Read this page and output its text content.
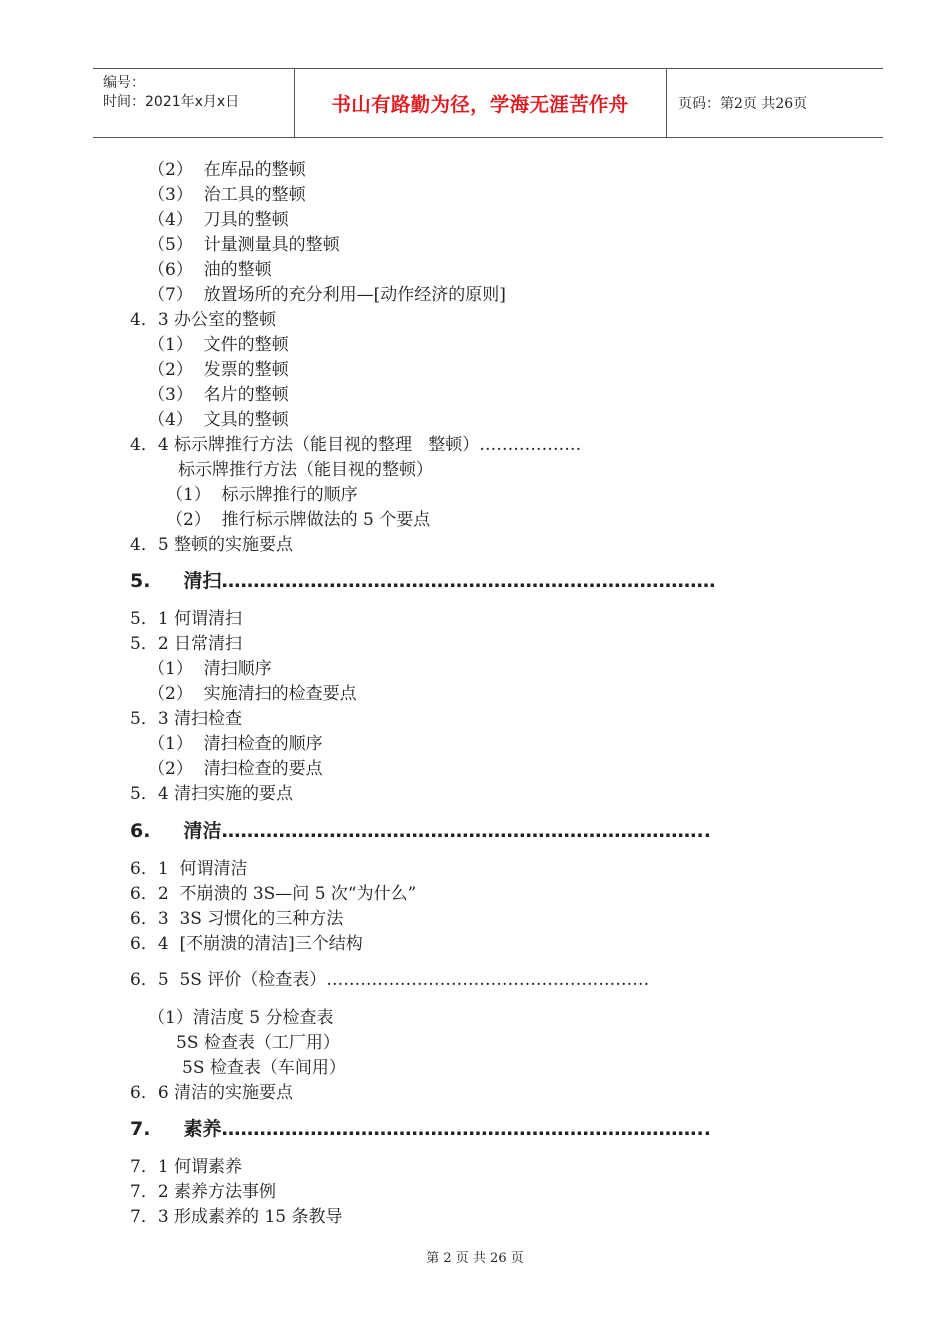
编号：
时间：2021年x月x日	书山有路勤为径，学海无涯苦作舟	页码：第2页 共26页
（2）  在库品的整顿
（3）  治工具的整顿
（4）  刀具的整顿
（5）  计量测量具的整顿
（6）  油的整顿
（7）  放置场所的充分利用—[动作经济的原则]
4．3 办公室的整顿
（1）  文件的整顿
（2）  发票的整顿
（3）  名片的整顿
（4）  文具的整顿
4．4 标示牌推行方法（能目视的整理   整顿）………………
标示牌推行方法（能目视的整顿）
（1）  标示牌推行的顺序
（2）  推行标示牌做法的 5 个要点
4．5 整顿的实施要点
5.     清扫……………………………………………………………………
5．1 何谓清扫
5．2 日常清扫
（1）  清扫顺序
（2）  实施清扫的检查要点
5．3 清扫检查
（1）  清扫检查的顺序
（2）  清扫检查的要点
5．4 清扫实施的要点
6.     清洁…………………………………………………………………..
6．1  何谓清洁
6．2  不崩溃的 3S—问 5 次“为什么”
6．3  3S 习惯化的三种方法
6．4  [不崩溃的清洁]三个结构
6．5  5S 评价（检查表）…………………………………………………
（1）清洁度 5 分检查表
5S 检查表（工厂用）
5S 检查表（车间用）
6．6 清洁的实施要点
7.     素养…………………………………………………………………..
7．1 何谓素养
7．2 素养方法事例
7．3 形成素养的 15 条教导
第 2 页 共 26 页
